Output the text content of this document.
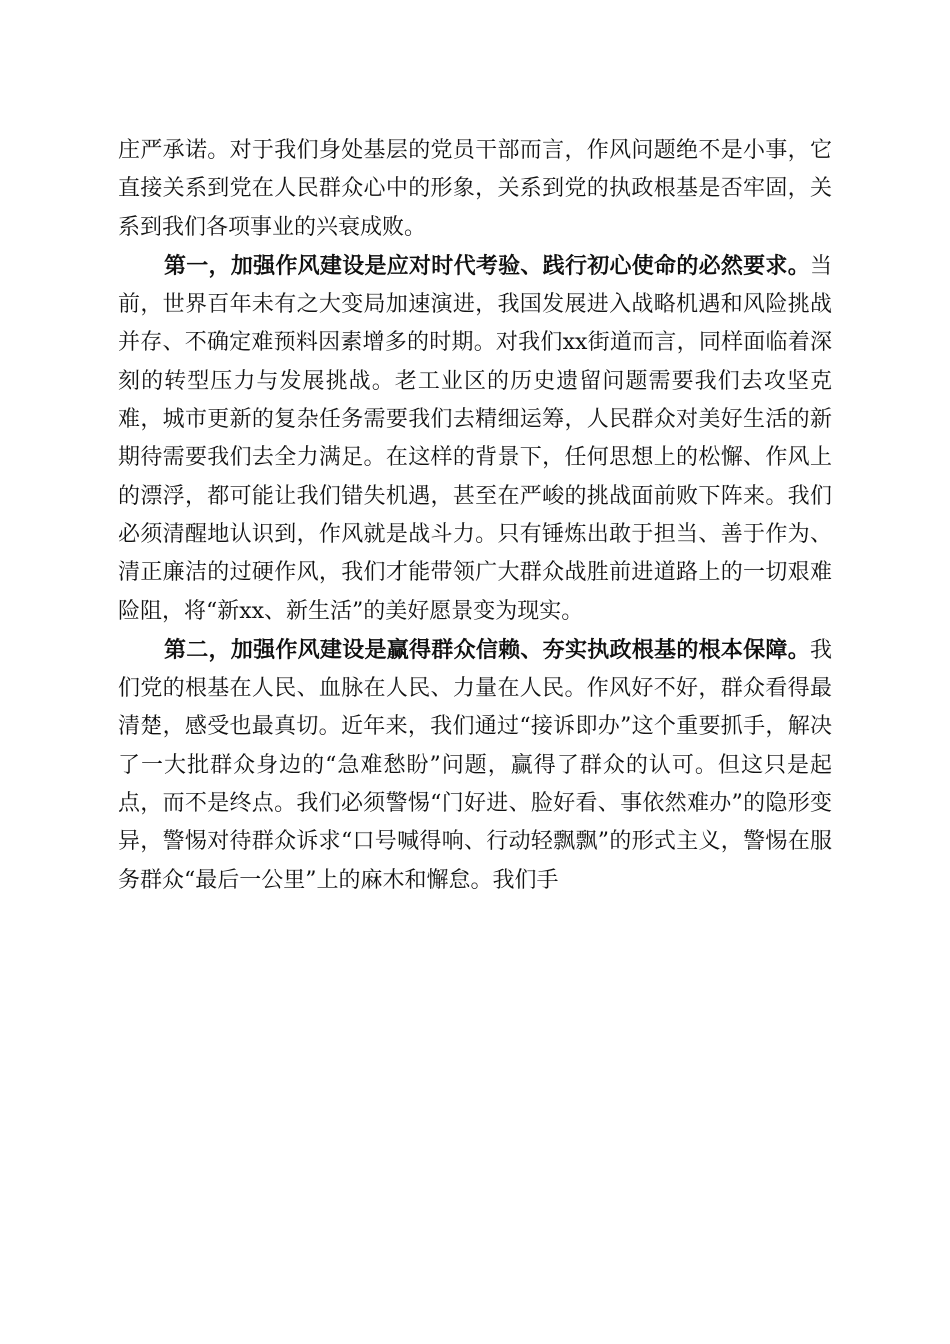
庄严承诺。对于我们身处基层的党员干部而言，作风问题绝不是小事，它直接关系到党在人民群众心中的形象，关系到党的执政根基是否牢固，关系到我们各项事业的兴衰成败。

第一，加强作风建设是应对时代考验、践行初心使命的必然要求。当前，世界百年未有之大变局加速演进，我国发展进入战略机遇和风险挑战并存、不确定难预料因素增多的时期。对我们xx街道而言，同样面临着深刻的转型压力与发展挑战。老工业区的历史遗留问题需要我们去攻坚克难，城市更新的复杂任务需要我们去精细运筹，人民群众对美好生活的新期待需要我们去全力满足。在这样的背景下，任何思想上的松懈、作风上的漂浮，都可能让我们错失机遇，甚至在严峻的挑战面前败下阵来。我们必须清醒地认识到，作风就是战斗力。只有锤炼出敢于担当、善于作为、清正廉洁的过硬作风，我们才能带领广大群众战胜前进道路上的一切艰难险阻，将“新xx、新生活”的美好愿景变为现实。

第二，加强作风建设是赢得群众信赖、夯实执政根基的根本保障。我们党的根基在人民、血脉在人民、力量在人民。作风好不好，群众看得最清楚，感受也最真切。近年来，我们通过“接诉即办”这个重要抓手，解决了一大批群众身边的“急难愁盼”问题，赢得了群众的认可。但这只是起点，而不是终点。我们必须警惕“门好进、脸好看、事依然难办”的隐形变异，警惕对待群众诉求“口号喊得响、行动轻飘飘”的形式主义，警惕在服务群众“最后一公里”上的麻木和懈怠。我们手
